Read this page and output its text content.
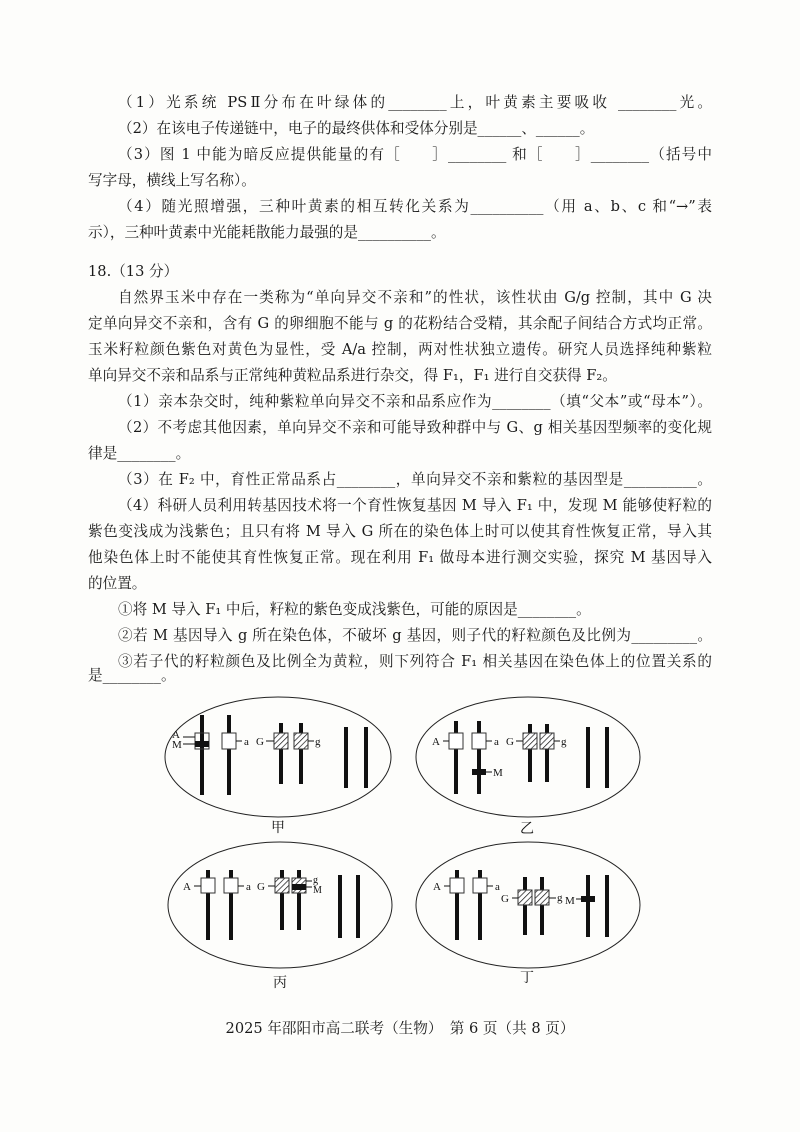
（1）光系统 PSⅡ分布在叶绿体的________上，叶黄素主要吸收 ________光。
（2）在该电子传递链中，电子的最终供体和受体分别是______、______。
（3）图 1 中能为暗反应提供能量的有［　　］________ 和［　　］________（括号中
写字母，横线上写名称）。
（4）随光照增强，三种叶黄素的相互转化关系为__________（用 a、b、c 和“→”表
示），三种叶黄素中光能耗散能力最强的是__________。
18.（13 分）
自然界玉米中存在一类称为“单向异交不亲和”的性状，该性状由 G/g 控制，其中 G 决
定单向异交不亲和，含有 G 的卵细胞不能与 g 的花粉结合受精，其余配子间结合方式均正常。
玉米籽粒颜色紫色对黄色为显性，受 A/a 控制，两对性状独立遗传。研究人员选择纯种紫粒
单向异交不亲和品系与正常纯种黄粒品系进行杂交，得 F₁，F₁ 进行自交获得 F₂。
（1）亲本杂交时，纯种紫粒单向异交不亲和品系应作为________（填“父本”或“母本”）。
（2）不考虑其他因素，单向异交不亲和可能导致种群中与 G、g 相关基因型频率的变化规
律是________。
（3）在 F₂ 中，育性正常品系占________，单向异交不亲和紫粒的基因型是__________。
（4）科研人员利用转基因技术将一个育性恢复基因 M 导入 F₁ 中，发现 M 能够使籽粒的
紫色变浅成为浅紫色；且只有将 M 导入 G 所在的染色体上时可以使其育性恢复正常，导入其
他染色体上时不能使其育性恢复正常。现在利用 F₁ 做母本进行测交实验，探究 M 基因导入
的位置。
①将 M 导入 F₁ 中后，籽粒的紫色变成浅紫色，可能的原因是________。
②若 M 基因导入 g 所在染色体，不破坏 g 基因，则子代的籽粒颜色及比例为_________。
③若子代的籽粒颜色及比例全为黄粒，则下列符合 F₁ 相关基因在染色体上的位置关系的
是________。
A
M	a G	g
甲
A	a
M
G	g
乙
A	a G
g
M
丙
A	a
G	g M
丁
2025 年邵阳市高二联考（生物）　第 6 页（共 8 页）
